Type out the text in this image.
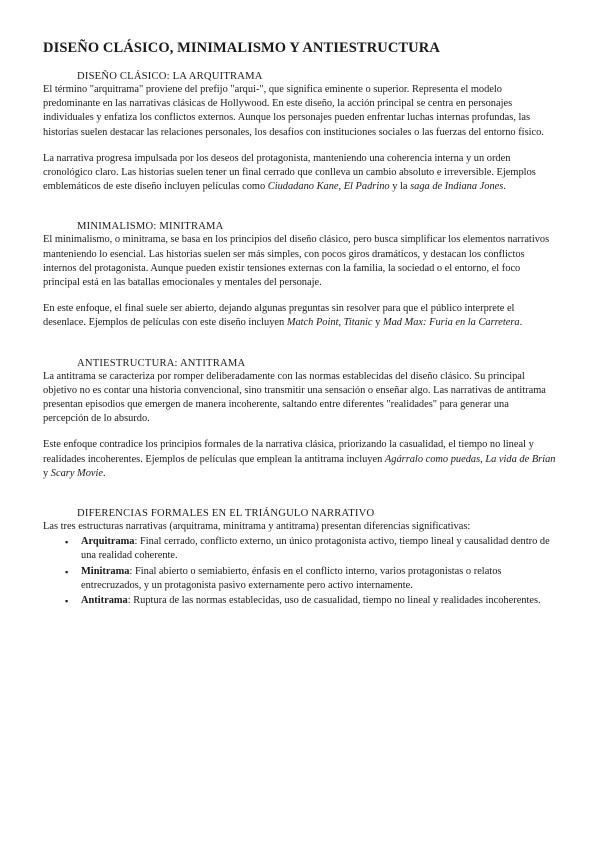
DISEÑO CLÁSICO, MINIMALISMO Y ANTIESTRUCTURA
DISEÑO CLÁSICO: LA ARQUITRAMA

El término "arquitrama" proviene del prefijo "arqui-", que significa eminente o superior. Representa el modelo predominante en las narrativas clásicas de Hollywood. En este diseño, la acción principal se centra en personajes individuales y enfatiza los conflictos externos. Aunque los personajes pueden enfrentar luchas internas profundas, las historias suelen destacar las relaciones personales, los desafíos con instituciones sociales o las fuerzas del entorno físico.

La narrativa progresa impulsada por los deseos del protagonista, manteniendo una coherencia interna y un orden cronológico claro. Las historias suelen tener un final cerrado que conlleva un cambio absoluto e irreversible. Ejemplos emblemáticos de este diseño incluyen películas como Ciudadano Kane, El Padrino y la saga de Indiana Jones.

MINIMALISMO: MINITRAMA

El minimalismo, o minitrama, se basa en los principios del diseño clásico, pero busca simplificar los elementos narrativos manteniendo lo esencial. Las historias suelen ser más simples, con pocos giros dramáticos, y destacan los conflictos internos del protagonista. Aunque pueden existir tensiones externas con la familia, la sociedad o el entorno, el foco principal está en las batallas emocionales y mentales del personaje.

En este enfoque, el final suele ser abierto, dejando algunas preguntas sin resolver para que el público interprete el desenlace. Ejemplos de películas con este diseño incluyen Match Point, Titanic y Mad Max: Furia en la Carretera.

ANTIESTRUCTURA: ANTITRAMA

La antitrama se caracteriza por romper deliberadamente con las normas establecidas del diseño clásico. Su principal objetivo no es contar una historia convencional, sino transmitir una sensación o enseñar algo. Las narrativas de antitrama presentan episodios que emergen de manera incoherente, saltando entre diferentes "realidades" para generar una percepción de lo absurdo.

Este enfoque contradice los principios formales de la narrativa clásica, priorizando la casualidad, el tiempo no lineal y realidades incoherentes. Ejemplos de películas que emplean la antitrama incluyen Agárralo como puedas, La vida de Brian y Scary Movie.

DIFERENCIAS FORMALES EN EL TRIÁNGULO NARRATIVO

Las tres estructuras narrativas (arquitrama, minitrama y antitrama) presentan diferencias significativas:

▪ Arquitrama: Final cerrado, conflicto externo, un único protagonista activo, tiempo lineal y causalidad dentro de una realidad coherente.
▪ Minitrama: Final abierto o semiabierto, énfasis en el conflicto interno, varios protagonistas o relatos entrecruzados, y un protagonista pasivo externamente pero activo internamente.
▪ Antitrama: Ruptura de las normas establecidas, uso de casualidad, tiempo no lineal y realidades incoherentes.
